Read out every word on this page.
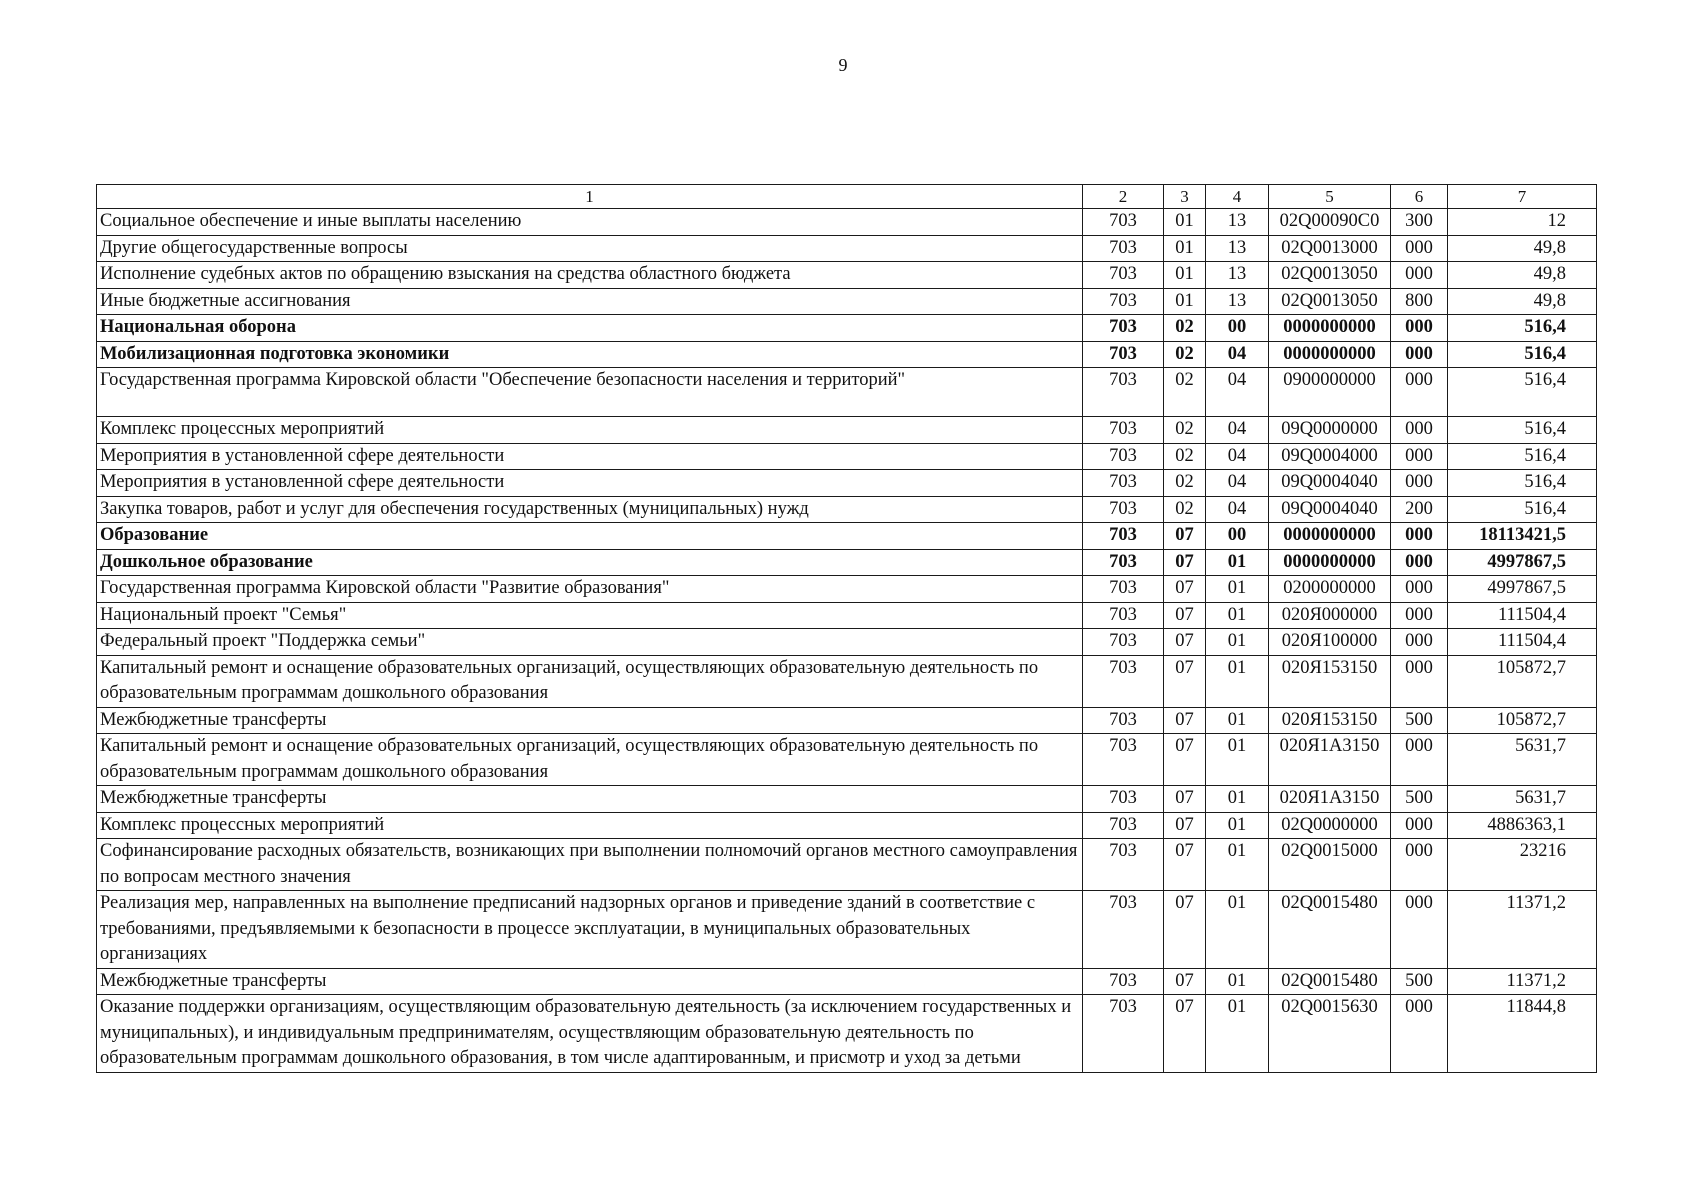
9
1	2	3	4	5	6	7
Социальное обеспечение и иные выплаты населению	703	01	13	02Q00090C0	300	12
Другие общегосударственные вопросы	703	01	13	02Q0013000	000	49,8
Исполнение судебных актов по обращению взыскания на средства областного бюджета	703	01	13	02Q0013050	000	49,8
Иные бюджетные ассигнования	703	01	13	02Q0013050	800	49,8
Национальная оборона	703	02	00	0000000000	000	516,4
Мобилизационная подготовка экономики	703	02	04	0000000000	000	516,4
Государственная программа Кировской области "Обеспечение безопасности населения и территорий"	703	02	04	0900000000	000	516,4
Комплекс процессных мероприятий	703	02	04	09Q0000000	000	516,4
Мероприятия в установленной сфере деятельности	703	02	04	09Q0004000	000	516,4
Мероприятия в установленной сфере деятельности	703	02	04	09Q0004040	000	516,4
Закупка товаров, работ и услуг для обеспечения государственных (муниципальных) нужд	703	02	04	09Q0004040	200	516,4
Образование	703	07	00	0000000000	000	18113421,5
Дошкольное образование	703	07	01	0000000000	000	4997867,5
Государственная программа Кировской области "Развитие образования"	703	07	01	0200000000	000	4997867,5
Национальный проект "Семья"	703	07	01	020Я000000	000	111504,4
Федеральный проект "Поддержка семьи"	703	07	01	020Я100000	000	111504,4
Капитальный ремонт и оснащение образовательных организаций, осуществляющих образовательную деятельность по образовательным программам дошкольного образования	703	07	01	020Я153150	000	105872,7
Межбюджетные трансферты	703	07	01	020Я153150	500	105872,7
Капитальный ремонт и оснащение образовательных организаций, осуществляющих образовательную деятельность по образовательным программам дошкольного образования	703	07	01	020Я1А3150	000	5631,7
Межбюджетные трансферты	703	07	01	020Я1А3150	500	5631,7
Комплекс процессных мероприятий	703	07	01	02Q0000000	000	4886363,1
Софинансирование расходных обязательств, возникающих при выполнении полномочий органов местного самоуправления по вопросам местного значения	703	07	01	02Q0015000	000	23216
Реализация мер, направленных на выполнение предписаний надзорных органов и приведение зданий в соответствие с требованиями, предъявляемыми к безопасности в процессе эксплуатации, в муниципальных образовательных организациях	703	07	01	02Q0015480	000	11371,2
Межбюджетные трансферты	703	07	01	02Q0015480	500	11371,2
Оказание поддержки организациям, осуществляющим образовательную деятельность (за исключением государственных и муниципальных), и индивидуальным предпринимателям, осуществляющим образовательную деятельность по образовательным программам дошкольного образования, в том числе адаптированным, и присмотр и уход за детьми	703	07	01	02Q0015630	000	11844,8
